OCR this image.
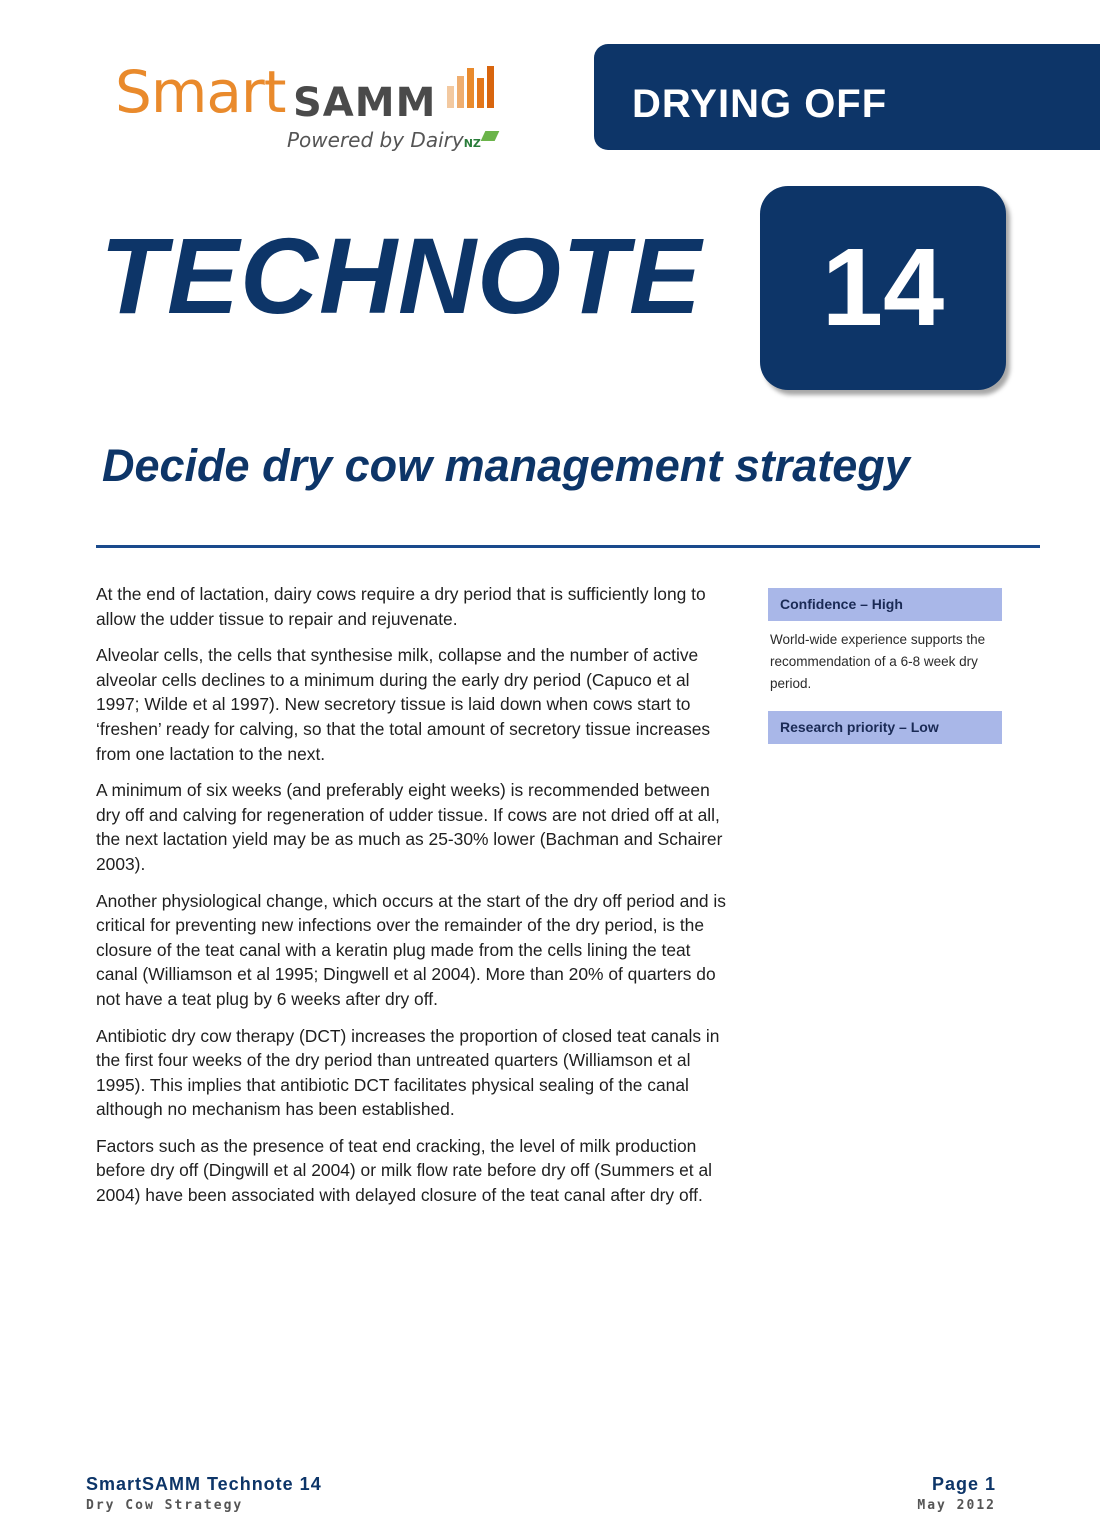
Smart SAMM
Powered by DairyNZ
DRYING OFF
TECHNOTE	14
Decide dry cow management strategy

At the end of lactation, dairy cows require a dry period that is sufficiently long to allow the udder tissue to repair and rejuvenate.

Alveolar cells, the cells that synthesise milk, collapse and the number of active alveolar cells declines to a minimum during the early dry period (Capuco et al 1997; Wilde et al 1997). New secretory tissue is laid down when cows start to ‘freshen’ ready for calving, so that the total amount of secretory tissue increases from one lactation to the next.

A minimum of six weeks (and preferably eight weeks) is recommended between dry off and calving for regeneration of udder tissue. If cows are not dried off at all, the next lactation yield may be as much as 25-30% lower (Bachman and Schairer 2003).

Another physiological change, which occurs at the start of the dry off period and is critical for preventing new infections over the remainder of the dry period, is the closure of the teat canal with a keratin plug made from the cells lining the teat canal (Williamson et al 1995; Dingwell et al 2004). More than 20% of quarters do not have a teat plug by 6 weeks after dry off.

Antibiotic dry cow therapy (DCT) increases the proportion of closed teat canals in the first four weeks of the dry period than untreated quarters (Williamson et al 1995). This implies that antibiotic DCT facilitates physical sealing of the canal although no mechanism has been established.

Factors such as the presence of teat end cracking, the level of milk production before dry off (Dingwill et al 2004) or milk flow rate before dry off (Summers et al 2004) have been associated with delayed closure of the teat canal after dry off.

Confidence – High
World-wide experience supports the recommendation of a 6-8 week dry period.
Research priority – Low
SmartSAMM Technote 14
Dry Cow Strategy
Page 1
May 2012
